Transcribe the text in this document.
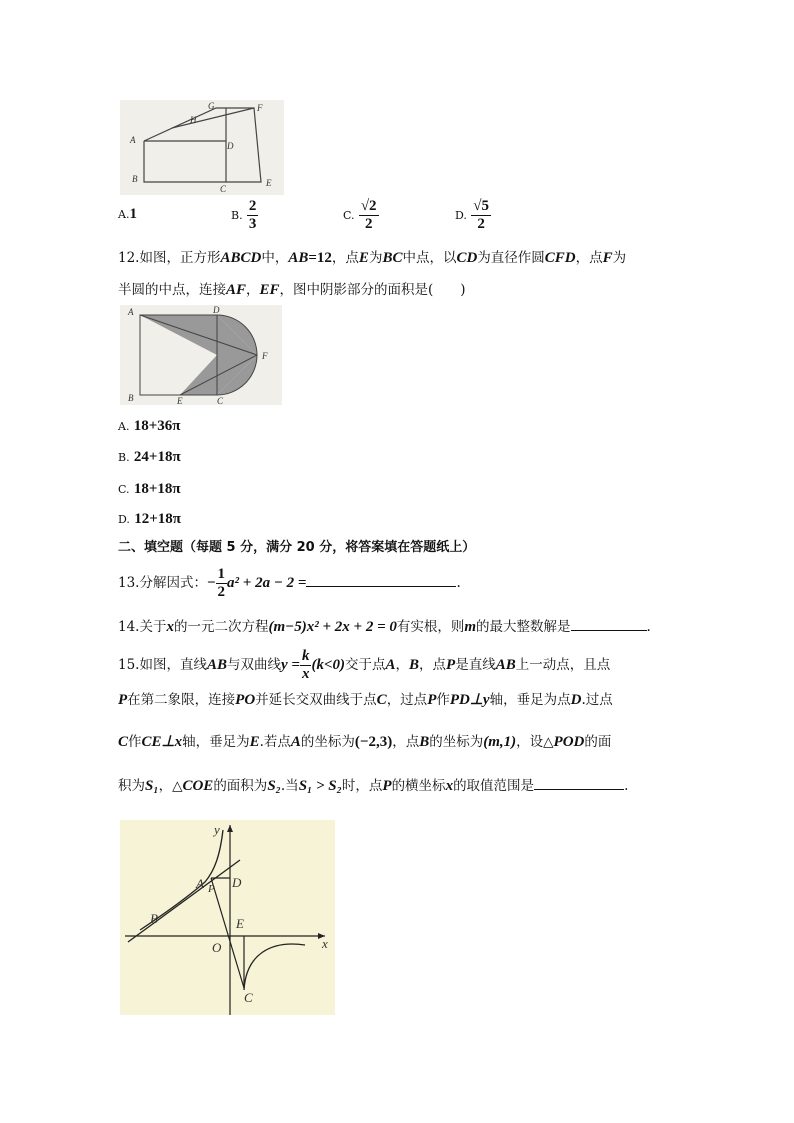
G	F
H
A
D
B
C
E
A.1	B. $\frac{2}{3}$	C. $\frac{√2}{2}$	D. $\frac{√5}{2}$
12.如图，正方形ABCD中，AB=12，点E为BC中点，以CD为直径作圆CFD，点F为
半圆的中点，连接AF，EF，图中阴影部分的面积是(　　)
A	D
F
B	E	C
A. 18+36π
B. 24+18π
C. 18+18π
D. 12+18π
二、填空题（每题 5 分，满分 20 分，将答案填在答题纸上）
13.分解因式：− $\frac{1}{2} a^2 + 2a - 2$ =	.
14.关于x的一元二次方程(m−5)x² + 2x + 2 = 0有实根，则m的最大整数解是	.
15.如图，直线AB与双曲线$y = \frac{k}{x} (k<0)$交于点A，B，点P是直线AB上一动点，且点
P在第二象限，连接PO并延长交双曲线于点C，过点P作PD⊥y轴，垂足为点D.过点
C作CE⊥x轴，垂足为E.若点A的坐标为(−2,3)，点B的坐标为(m,1)，设△POD的面
积为S₁，△COE的面积为S₂.当S₁ > S₂时，点P的横坐标x的取值范围是	.
y
A P D
B
O
E
x
C
